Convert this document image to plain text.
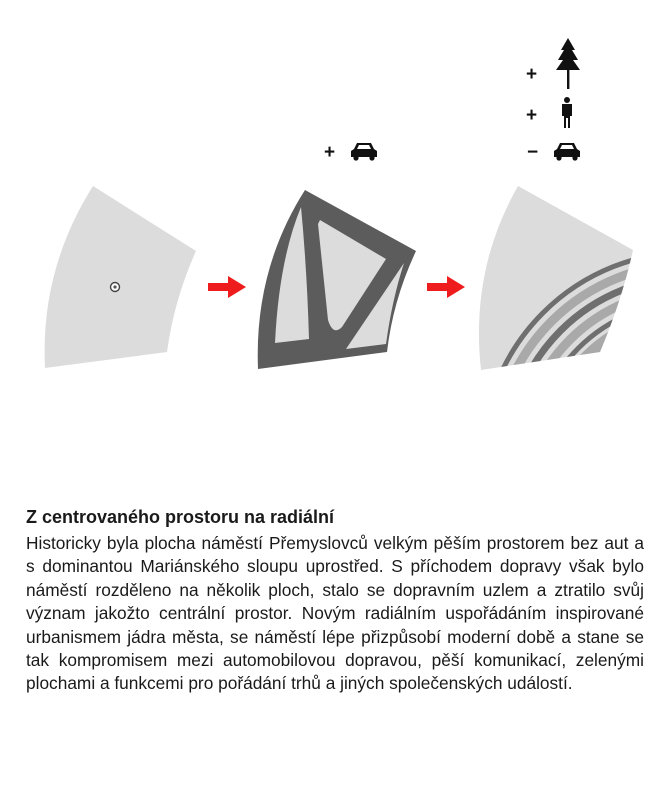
+
+
+
−
Z centrovaného prostoru na radiální

Historicky byla plocha náměstí Přemyslovců velkým pěším prostorem bez aut a s dominantou Mariánského sloupu uprostřed. S příchodem dopravy však bylo náměstí rozděleno na několik ploch, stalo se dopravním uzlem a ztratilo svůj význam jakožto centrální prostor. Novým radiálním uspořádáním inspirované urbanismem jádra města, se náměstí lépe přizpůsobí moderní době a stane se tak kompromisem mezi automobilovou dopravou, pěší komunikací, zelenými plochami a funkcemi pro pořádání trhů a jiných společenských událostí.
